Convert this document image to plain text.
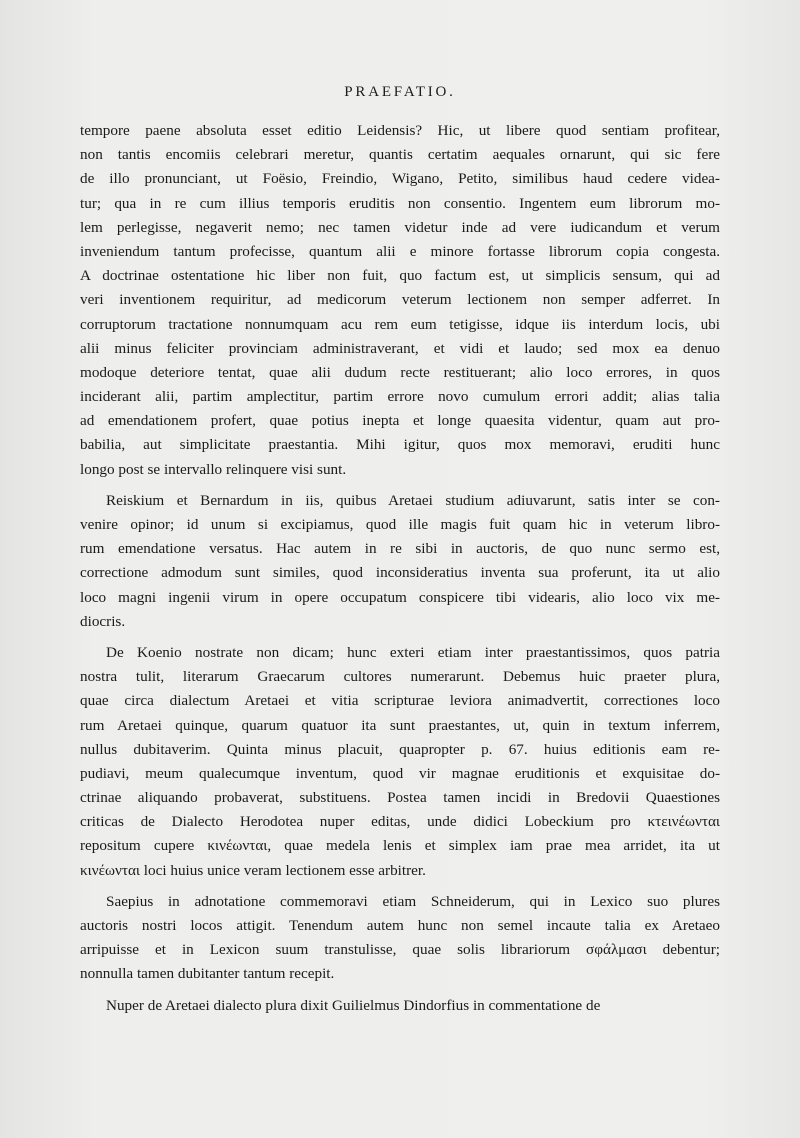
PRAEFATIO.
tempore paene absoluta esset editio Leidensis? Hic, ut libere quod sentiam profitear,
non tantis encomiis celebrari meretur, quantis certatim aequales ornarunt, qui sic fere
de illo pronunciant, ut Foësio, Freindio, Wigano, Petito, similibus haud cedere videa-
tur; qua in re cum illius temporis eruditis non consentio. Ingentem eum librorum mo-
lem perlegisse, negaverit nemo; nec tamen videtur inde ad vere iudicandum et verum
inveniendum tantum profecisse, quantum alii e minore fortasse librorum copia congesta.
A doctrinae ostentatione hic liber non fuit, quo factum est, ut simplicis sensum, qui ad
veri inventionem requiritur, ad medicorum veterum lectionem non semper adferret. In
corruptorum tractatione nonnumquam acu rem eum tetigisse, idque iis interdum locis, ubi
alii minus feliciter provinciam administraverant, et vidi et laudo; sed mox ea denuo
modoque deteriore tentat, quae alii dudum recte restituerant; alio loco errores, in quos
inciderant alii, partim amplectitur, partim errore novo cumulum errori addit; alias talia
ad emendationem profert, quae potius inepta et longe quaesita videntur, quam aut pro-
babilia, aut simplicitate praestantia. Mihi igitur, quos mox memoravi, eruditi hunc
longo post se intervallo relinquere visi sunt.
Reiskium et Bernardum in iis, quibus Aretaei studium adiuvarunt, satis inter se con-
venire opinor; id unum si excipiamus, quod ille magis fuit quam hic in veterum libro-
rum emendatione versatus. Hac autem in re sibi in auctoris, de quo nunc sermo est,
correctione admodum sunt similes, quod inconsideratius inventa sua proferunt, ita ut alio
loco magni ingenii virum in opere occupatum conspicere tibi videaris, alio loco vix me-
diocris.
De Koenio nostrate non dicam; hunc exteri etiam inter praestantissimos, quos patria
nostra tulit, literarum Graecarum cultores numerarunt. Debemus huic praeter plura,
quae circa dialectum Aretaei et vitia scripturae leviora animadvertit, correctiones loco
rum Aretaei quinque, quarum quatuor ita sunt praestantes, ut, quin in textum inferrem,
nullus dubitaverim. Quinta minus placuit, quapropter p. 67. huius editionis eam re-
pudiavi, meum qualecumque inventum, quod vir magnae eruditionis et exquisitae do-
ctrinae aliquando probaverat, substituens. Postea tamen incidi in Bredovii Quaestiones
criticas de Dialecto Herodotea nuper editas, unde didici Lobeckium pro κτεινέωνται
repositum cupere κινέωνται, quae medela lenis et simplex iam prae mea arridet, ita ut
κινέωνται loci huius unice veram lectionem esse arbitrer.
Saepius in adnotatione commemoravi etiam Schneiderum, qui in Lexico suo plures
auctoris nostri locos attigit. Tenendum autem hunc non semel incaute talia ex Aretaeo
arripuisse et in Lexicon suum transtulisse, quae solis librariorum σφάλμασι debentur;
nonnulla tamen dubitanter tantum recepit.
Nuper de Aretaei dialecto plura dixit Guilielmus Dindorfius in commentatione de
